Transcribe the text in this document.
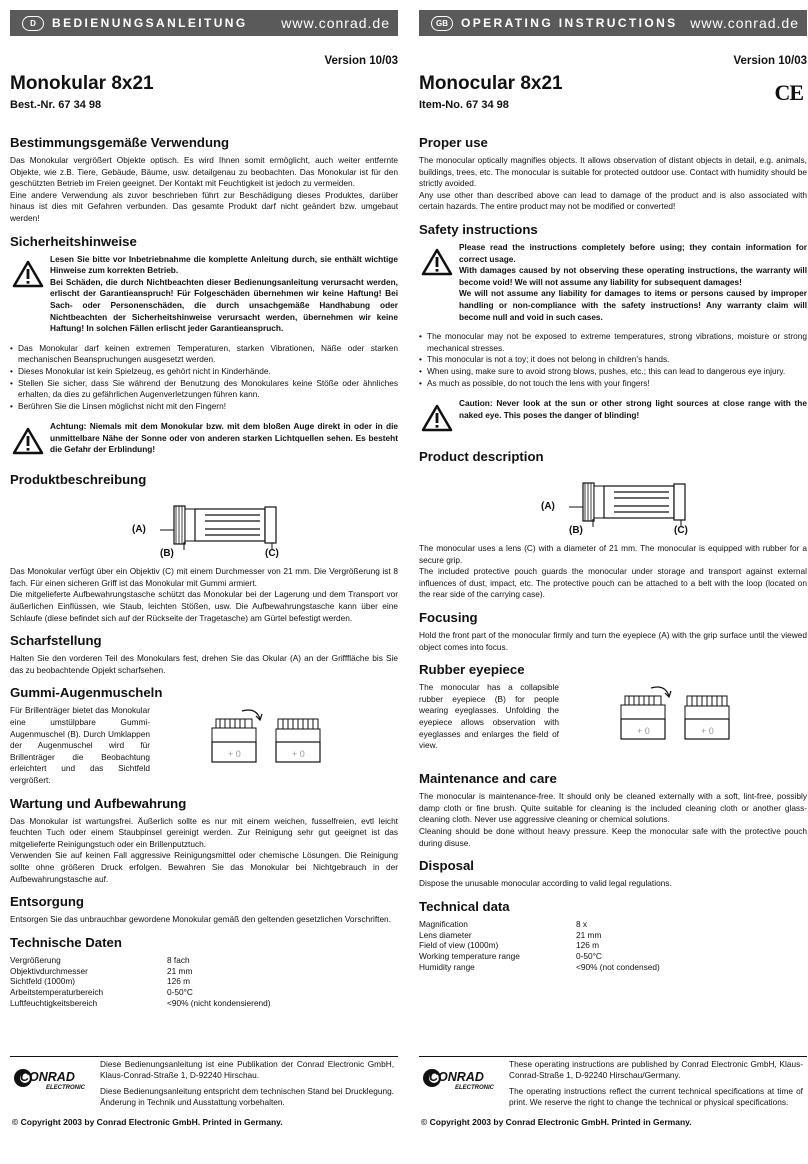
D	BEDIENUNGSANLEITUNG www.conrad.de
Version 10/03
Monokular 8x21
Best.-Nr. 67 34 98
Bestimmungsgemäße Verwendung

Das Monokular vergrößert Objekte optisch. Es wird Ihnen somit ermöglicht, auch weiter entfernte Objekte, wie z.B. Tiere, Gebäude, Bäume, usw. detailgenau zu beobachten. Das Monokular ist für den geschützten Betrieb im Freien geeignet. Der Kontakt mit Feuchtigkeit ist jedoch zu vermeiden.
Eine andere Verwendung als zuvor beschrieben führt zur Beschädigung dieses Produktes, darüber hinaus ist dies mit Gefahren verbunden. Das gesamte Produkt darf nicht geändert bzw. umgebaut werden!

Sicherheitshinweise

Lesen Sie bitte vor Inbetriebnahme die komplette Anleitung durch, sie enthält wichtige Hinweise zum korrekten Betrieb.
Bei Schäden, die durch Nichtbeachten dieser Bedienungsanleitung verursacht werden, erlischt der Garantieanspruch! Für Folgeschäden übernehmen wir keine Haftung! Bei Sach- oder Personenschäden, die durch unsachgemäße Handhabung oder Nichtbeachten der Sicherheitshinweise verursacht werden, übernehmen wir keine Haftung! In solchen Fällen erlischt jeder Garantieanspruch.

• Das Monokular darf keinen extremen Temperaturen, starken Vibrationen, Näße oder starken mechanischen Beanspruchungen ausgesetzt werden.
• Dieses Monokular ist kein Spielzeug, es gehört nicht in Kinderhände.
• Stellen Sie sicher, dass Sie während der Benutzung des Monokulares keine Stöße oder ähnliches erhalten, da dies zu gefährlichen Augenverletzungen führen kann.
• Berühren Sie die Linsen möglichst nicht mit den Fingern!

Achtung: Niemals mit dem Monokular bzw. mit dem bloßen Auge direkt in oder in die unmittelbare Nähe der Sonne oder von anderen starken Lichtquellen sehen. Es besteht die Gefahr der Erblindung!

Produktbeschreibung
(A)
(B)	(C)

Das Monokular verfügt über ein Objektiv (C) mit einem Durchmesser von 21 mm. Die Vergrößerung ist 8 fach. Für einen sicheren Griff ist das Monokular mit Gummi armiert.
Die mitgelieferte Aufbewahrungstasche schützt das Monokular bei der Lagerung und dem Transport vor äußerlichen Einflüssen, wie Staub, leichten Stößen, usw. Die Aufbewahrungstasche kann über eine Schlaufe (diese befindet sich auf der Rückseite der Tragetasche) am Gürtel befestigt werden.

Scharfstellung

Halten Sie den vorderen Teil des Monokulars fest, drehen Sie das Okular (A) an der Grifffläche bis Sie das zu beobachtende Opjekt scharfsehen.

Gummi-Augenmuscheln

Für Brillenträger bietet das Monokular eine umstülpbare Gummi-Augenmuschel (B). Durch Umklappen der Augenmuschel wird für Brillenträger die Beobachtung erleichtert und das Sichtfeld vergrößert.

+ 0	+ 0
Wartung und Aufbewahrung

Das Monokular ist wartungsfrei. Äußerlich sollte es nur mit einem weichen, fusselfreien, evtl leicht feuchten Tuch oder einem Staubpinsel gereinigt werden. Zur Reinigung sehr gut geeignet ist das mitgelieferte Reinigungstuch oder ein Brillenputztuch.
Verwenden Sie auf keinen Fall aggressive Reinigungsmittel oder chemische Lösungen. Die Reinigung sollte ohne größeren Druck erfolgen. Bewahren Sie das Monokular bei Nichtgebrauch in der Aufbewahrungstasche auf.

Entsorgung

Entsorgen Sie das unbrauchbar gewordene Monokular gemäß den geltenden gesetzlichen Vorschriften.

Technische Daten
Vergrößerung	8 fach
Objektivdurchmesser	21 mm
Sichtfeld (1000m)	126 m
Arbeitstemperaturbereich	0-50°C
Luftfeuchtigkeitsbereich	<90% (nicht kondensierend)
CONRAD
ELECTRONIC

Diese Bedienungsanleitung ist eine Publikation der Conrad Electronic GmbH, Klaus-Conrad-Straße 1, D-92240 Hirschau.

Diese Bedienungsanleitung entspricht dem technischen Stand bei Drucklegung. Änderung in Technik und Ausstattung vorbehalten.

© Copyright 2003 by Conrad Electronic GmbH. Printed in Germany.
GB	OPERATING INSTRUCTIONS www.conrad.de
Version 10/03
Monocular 8x21
Item-No. 67 34 98
Proper use

The monocular optically magnifies objects. It allows observation of distant objects in detail, e.g. animals, buildings, trees, etc. The monocular is suitable for protected outdoor use. Contact with humidity should be strictly avoided.
Any use other than described above can lead to damage of the product and is also associated with certain hazards. The entire product may not be modified or converted!

Safety instructions

Please read the instructions completely before using; they contain information for correct usage.
With damages caused by not observing these operating instructions, the warranty will become void! We will not assume any liability for subsequent damages!
We will not assume any liability for damages to items or persons caused by improper handling or non-compliance with the safety instructions! Any warranty claim will become null and void in such cases.

• The monocular may not be exposed to extreme temperatures, strong vibrations, moisture or strong mechanical stresses.
• This monocular is not a toy; it does not belong in children’s hands.
• When using, make sure to avoid strong blows, pushes, etc.; this can lead to dangerous eye injury.
• As much as possible, do not touch the lens with your fingers!

Caution: Never look at the sun or other strong light sources at close range with the naked eye. This poses the danger of blinding!

Product description
(A)
(B)	(C)

The monocular uses a lens (C) with a diameter of 21 mm. The monocular is equipped with rubber for a secure grip.
The included protective pouch guards the monocular under storage and transport against external influences of dust, impact, etc. The protective pouch can be attached to a belt with the loop (located on the rear side of the carrying case).

Focusing

Hold the front part of the monocular firmly and turn the eyepiece (A) with the grip surface until the viewed object comes into focus.

Rubber eyepiece

The monocular has a collapsible rubber eyepiece (B) for people wearing eyeglasses. Unfolding the eyepiece allows observation with eyeglasses and enlarges the field of view.

+ 0	+ 0
Maintenance and care

The monocular is maintenance-free. It should only be cleaned externally with a soft, lint-free, possibly damp cloth or fine brush. Quite suitable for cleaning is the included cleaning cloth or another glass-cleaning cloth. Never use aggressive cleaning or chemical solutions.
Cleaning should be done without heavy pressure. Keep the monocular safe with the protective pouch during disuse.

Disposal

Dispose the unusable monocular according to valid legal regulations.

Technical data
Magnification	8 x
Lens diameter	21 mm
Field of view (1000m)	126 m
Working temperature range	0-50°C
Humidity range	<90% (not condensed)
CONRAD
ELECTRONIC

These operating instructions are published by Conrad Electronic GmbH, Klaus-Conrad-Straße 1, D-92240 Hirschau/Germany.

The operating instructions reflect the current technical specifications at time of print. We reserve the right to change the technical or physical specifications.

© Copyright 2003 by Conrad Electronic GmbH. Printed in Germany.
CE
